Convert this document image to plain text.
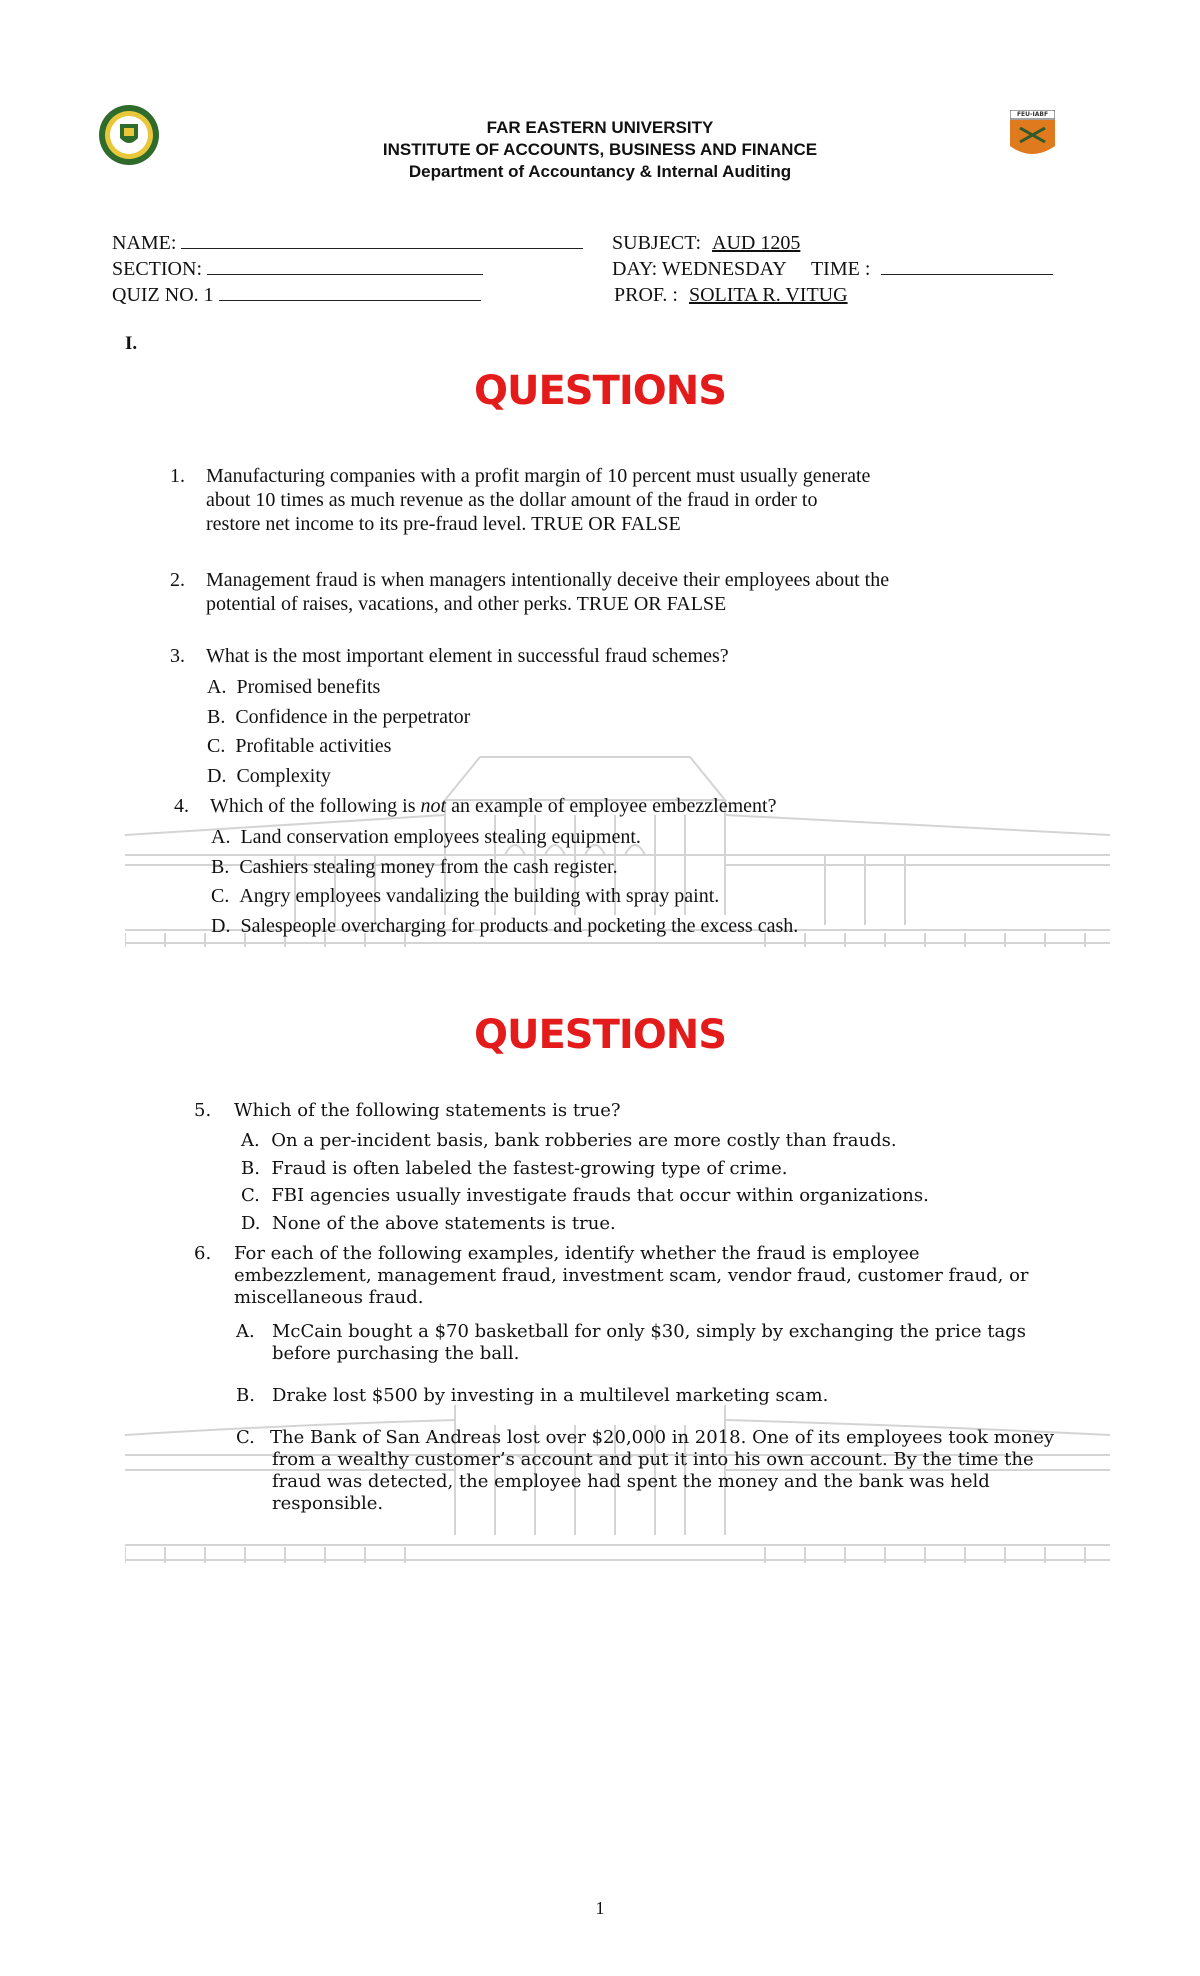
FEU-IABF
FAR EASTERN UNIVERSITY
INSTITUTE OF ACCOUNTS, BUSINESS AND FINANCE
Department of Accountancy & Internal Auditing
NAME:
SECTION:
QUIZ NO. 1
SUBJECT: AUD 1205
DAY: WEDNESDAY TIME :
PROF. : SOLITA R. VITUG
I.
QUESTIONS
1. Manufacturing companies with a profit margin of 10 percent must usually generate
about 10 times as much revenue as the dollar amount of the fraud in order to
restore net income to its pre-fraud level. TRUE OR FALSE
2. Management fraud is when managers intentionally deceive their employees about the
potential of raises, vacations, and other perks. TRUE OR FALSE
3. What is the most important element in successful fraud schemes?
A. Promised benefits
B. Confidence in the perpetrator
C. Profitable activities
D. Complexity
4. Which of the following is not an example of employee embezzlement?
A. Land conservation employees stealing equipment.
B. Cashiers stealing money from the cash register.
C. Angry employees vandalizing the building with spray paint.
D. Salespeople overcharging for products and pocketing the excess cash.
QUESTIONS
5. Which of the following statements is true?
A. On a per-incident basis, bank robberies are more costly than frauds.
B. Fraud is often labeled the fastest-growing type of crime.
C. FBI agencies usually investigate frauds that occur within organizations.
D. None of the above statements is true.
6. For each of the following examples, identify whether the fraud is employee
embezzlement, management fraud, investment scam, vendor fraud, customer fraud, or
miscellaneous fraud.
A. McCain bought a $70 basketball for only $30, simply by exchanging the price tags
before purchasing the ball.
B. Drake lost $500 by investing in a multilevel marketing scam.
C. The Bank of San Andreas lost over $20,000 in 2018. One of its employees took money
from a wealthy customer’s account and put it into his own account. By the time the
fraud was detected, the employee had spent the money and the bank was held
responsible.
1
